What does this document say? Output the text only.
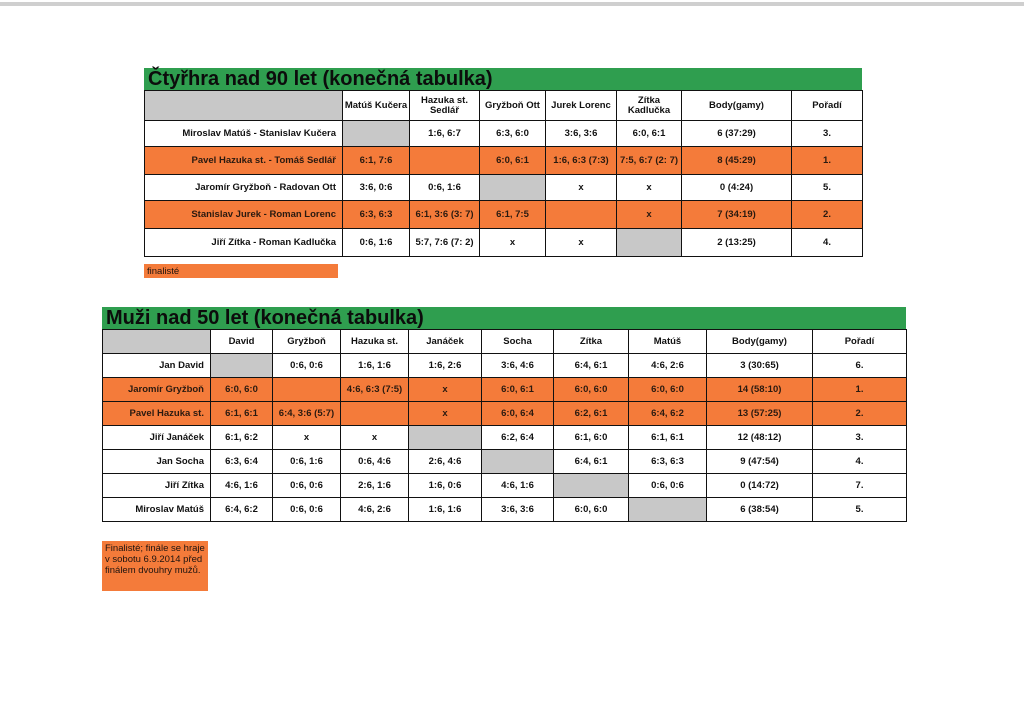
Čtyřhra nad 90 let (konečná tabulka)
	Matúš Kučera	Hazuka st. Sedlář	Gryžboň Ott	Jurek Lorenc	Zítka Kadlučka	Body(gamy)	Pořadí
Miroslav Matúš - Stanislav Kučera		1:6, 6:7	6:3, 6:0	3:6, 3:6	6:0, 6:1	6 (37:29)	3.
Pavel Hazuka st. - Tomáš Sedlář	6:1, 7:6		6:0, 6:1	1:6, 6:3 (7:3)	7:5, 6:7 (2: 7)	8 (45:29)	1.
Jaromír Gryžboň - Radovan Ott	3:6, 0:6	0:6, 1:6		x	x	0 (4:24)	5.
Stanislav Jurek - Roman Lorenc	6:3, 6:3	6:1, 3:6 (3: 7)	6:1, 7:5		x	7 (34:19)	2.
Jiří Zítka - Roman Kadlučka	0:6, 1:6	5:7, 7:6 (7: 2)	x	x		2 (13:25)	4.
finalisté
Muži nad 50 let (konečná tabulka)
	David	Gryžboň	Hazuka st.	Janáček	Socha	Zítka	Matúš	Body(gamy)	Pořadí
Jan David		0:6, 0:6	1:6, 1:6	1:6, 2:6	3:6, 4:6	6:4, 6:1	4:6, 2:6	3 (30:65)	6.
Jaromír Gryžboň	6:0, 6:0		4:6, 6:3 (7:5)	x	6:0, 6:1	6:0, 6:0	6:0, 6:0	14 (58:10)	1.
Pavel Hazuka st.	6:1, 6:1	6:4, 3:6 (5:7)		x	6:0, 6:4	6:2, 6:1	6:4, 6:2	13 (57:25)	2.
Jiří Janáček	6:1, 6:2	x	x		6:2, 6:4	6:1, 6:0	6:1, 6:1	12 (48:12)	3.
Jan Socha	6:3, 6:4	0:6, 1:6	0:6, 4:6	2:6, 4:6		6:4, 6:1	6:3, 6:3	9 (47:54)	4.
Jiří Zítka	4:6, 1:6	0:6, 0:6	2:6, 1:6	1:6, 0:6	4:6, 1:6		0:6, 0:6	0 (14:72)	7.
Miroslav Matúš	6:4, 6:2	0:6, 0:6	4:6, 2:6	1:6, 1:6	3:6, 3:6	6:0, 6:0		6 (38:54)	5.
Finalisté; finále se hraje v sobotu 6.9.2014 před finálem dvouhry mužů.
